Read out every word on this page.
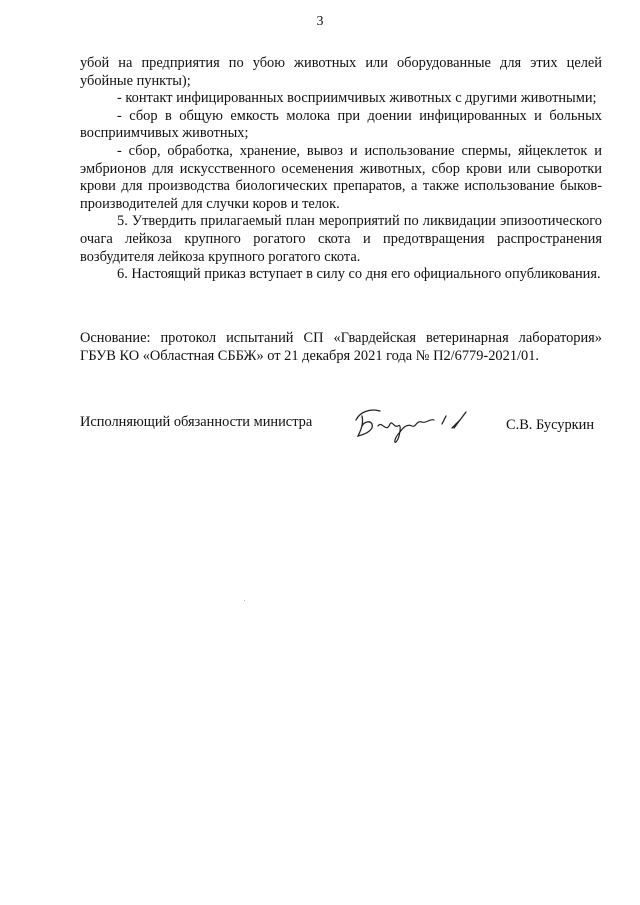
3

убой на предприятия по убою животных или оборудованные для этих целей убойные пункты);

- контакт инфицированных восприимчивых животных с другими животными;

- сбор в общую емкость молока при доении инфицированных и больных восприимчивых животных;

- сбор, обработка, хранение, вывоз и использование спермы, яйцеклеток и эмбрионов для искусственного осеменения животных, сбор крови или сыворотки крови для производства биологических препаратов, а также использование быков-производителей для случки коров и телок.

5. Утвердить прилагаемый план мероприятий по ликвидации эпизоотического очага лейкоза крупного рогатого скота и предотвращения распространения возбудителя лейкоза крупного рогатого скота.

6. Настоящий приказ вступает в силу со дня его официального опубликования.

Основание: протокол испытаний СП «Гвардейская ветеринарная лаборатория» ГБУВ КО «Областная СББЖ» от 21 декабря 2021 года № П2/6779-2021/01.
Исполняющий обязанности министра	С.В. Бусуркин
